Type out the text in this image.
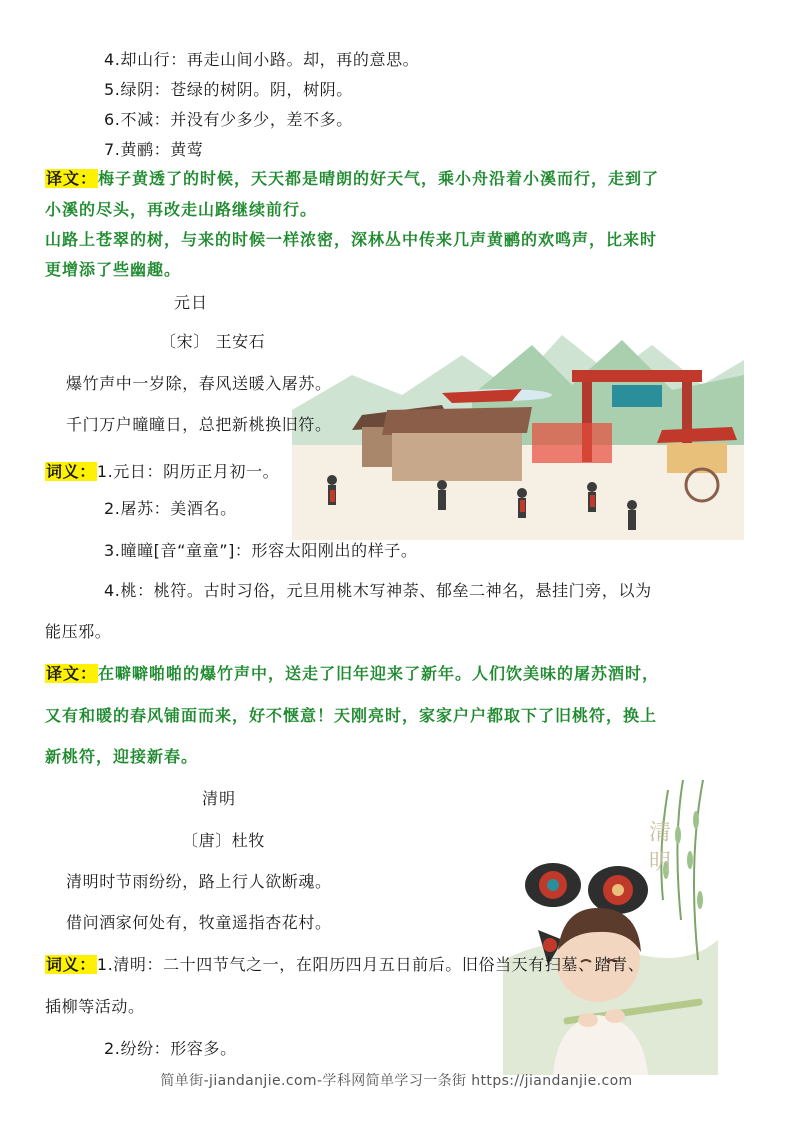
清明
4.却山行：再走山间小路。却，再的意思。
5.绿阴：苍绿的树阴。阴，树阴。
6.不减：并没有少多少，差不多。
7.黄鹂：黄莺
译文：梅子黄透了的时候，天天都是晴朗的好天气，乘小舟沿着小溪而行，走到了
小溪的尽头，再改走山路继续前行。
山路上苍翠的树，与来的时候一样浓密，深林丛中传来几声黄鹂的欢鸣声，比来时
更增添了些幽趣。
元日
〔宋〕 王安石
爆竹声中一岁除，春风送暖入屠苏。
千门万户曈曈日，总把新桃换旧符。
词义：1.元日：阴历正月初一。
2.屠苏：美酒名。
3.曈曈[音“童童”]：形容太阳刚出的样子。
4.桃：桃符。古时习俗，元旦用桃木写神荼、郁垒二神名，悬挂门旁，以为
能压邪。
译文：在噼噼啪啪的爆竹声中，送走了旧年迎来了新年。人们饮美味的屠苏酒时，
又有和暖的春风铺面而来，好不惬意！天刚亮时，家家户户都取下了旧桃符，换上
新桃符，迎接新春。
清明
〔唐〕杜牧
清明时节雨纷纷，路上行人欲断魂。
借问酒家何处有，牧童遥指杏花村。
词义：1.清明：二十四节气之一，在阳历四月五日前后。旧俗当天有扫墓、踏青、
插柳等活动。
2.纷纷：形容多。
简单街-jiandanjie.com-学科网简单学习一条街 https://jiandanjie.com
